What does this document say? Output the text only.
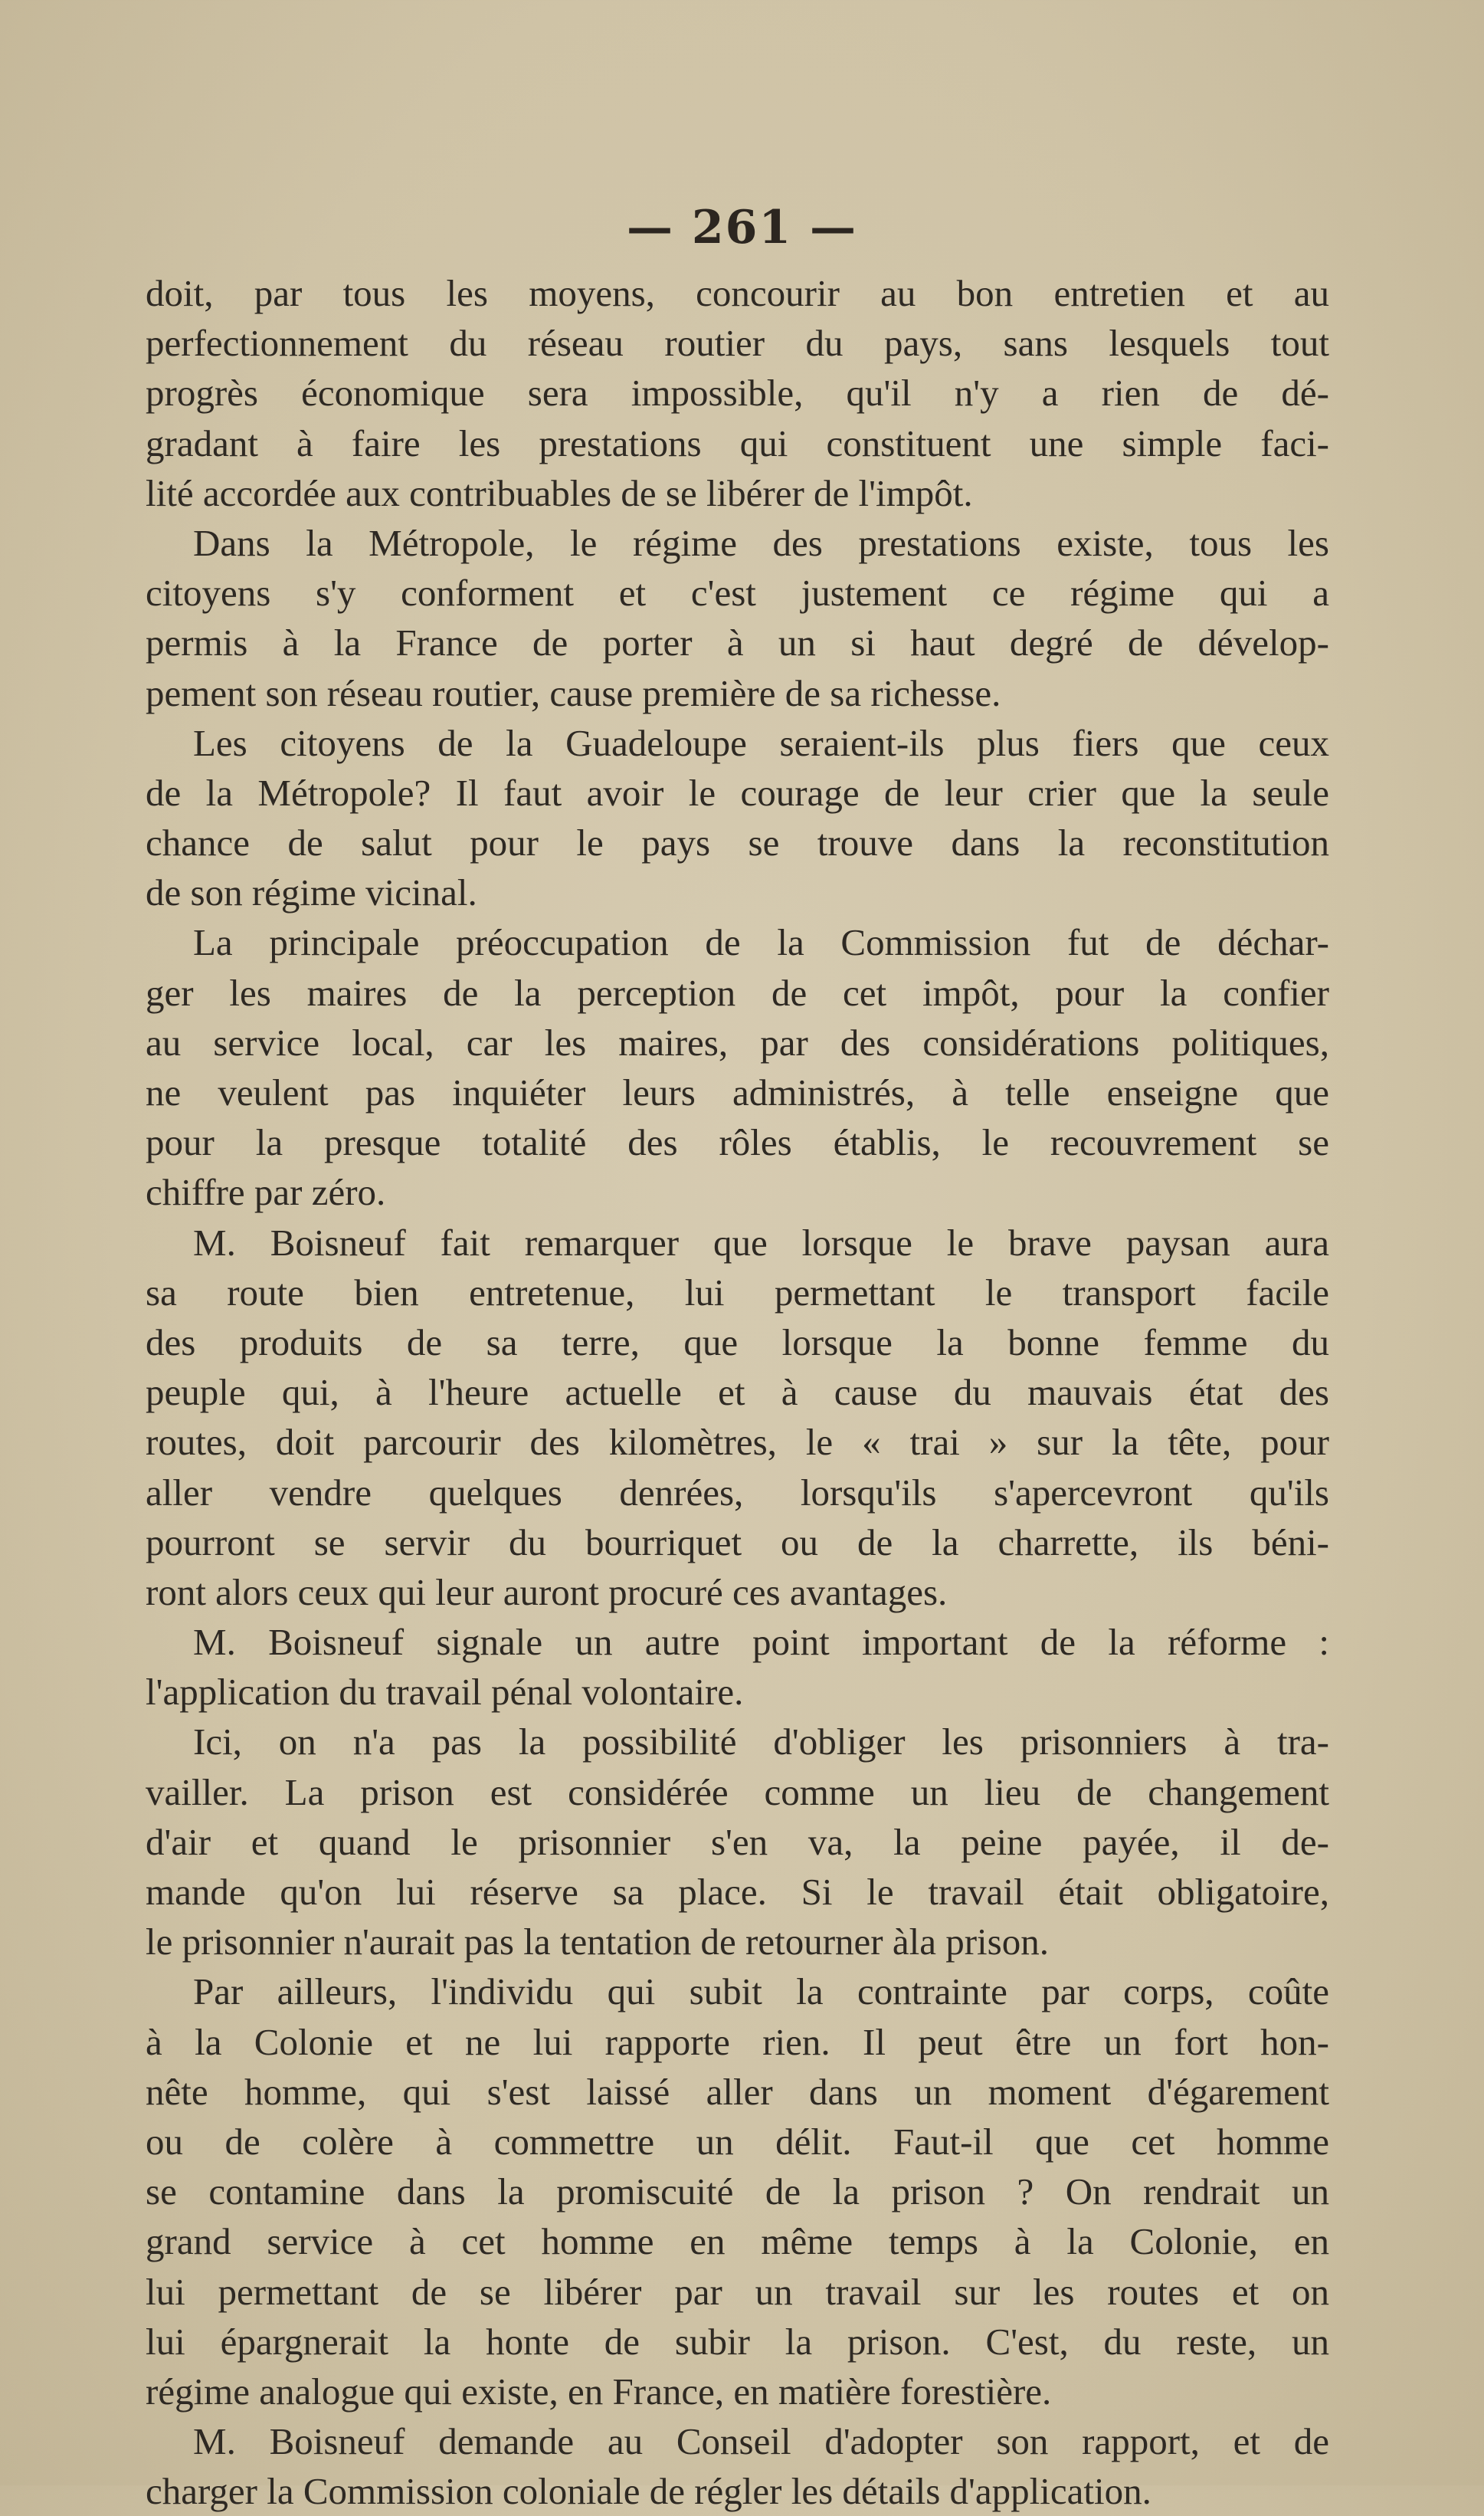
— 261 —
doit, par tous les moyens, concourir au bon entretien et au
perfectionnement du réseau routier du pays, sans lesquels tout
progrès économique sera impossible, qu'il n'y a rien de dé-
gradant à faire les prestations qui constituent une simple faci-
lité accordée aux contribuables de se libérer de l'impôt.
Dans la Métropole, le régime des prestations existe, tous les
citoyens s'y conforment et c'est justement ce régime qui a
permis à la France de porter à un si haut degré de dévelop-
pement son réseau routier, cause première de sa richesse.
Les citoyens de la Guadeloupe seraient-ils plus fiers que ceux
de la Métropole? Il faut avoir le courage de leur crier que la seule
chance de salut pour le pays se trouve dans la reconstitution
de son régime vicinal.
La principale préoccupation de la Commission fut de déchar-
ger les maires de la perception de cet impôt, pour la confier
au service local, car les maires, par des considérations politiques,
ne veulent pas inquiéter leurs administrés, à telle enseigne que
pour la presque totalité des rôles établis, le recouvrement se
chiffre par zéro.
M. Boisneuf fait remarquer que lorsque le brave paysan aura
sa route bien entretenue, lui permettant le transport facile
des produits de sa terre, que lorsque la bonne femme du
peuple qui, à l'heure actuelle et à cause du mauvais état des
routes, doit parcourir des kilomètres, le « trai » sur la tête, pour
aller vendre quelques denrées, lorsqu'ils s'apercevront qu'ils
pourront se servir du bourriquet ou de la charrette, ils béni-
ront alors ceux qui leur auront procuré ces avantages.
M. Boisneuf signale un autre point important de la réforme :
l'application du travail pénal volontaire.
Ici, on n'a pas la possibilité d'obliger les prisonniers à tra-
vailler. La prison est considérée comme un lieu de changement
d'air et quand le prisonnier s'en va, la peine payée, il de-
mande qu'on lui réserve sa place. Si le travail était obligatoire,
le prisonnier n'aurait pas la tentation de retourner àla prison.
Par ailleurs, l'individu qui subit la contrainte par corps, coûte
à la Colonie et ne lui rapporte rien. Il peut être un fort hon-
nête homme, qui s'est laissé aller dans un moment d'égarement
ou de colère à commettre un délit. Faut-il que cet homme
se contamine dans la promiscuité de la prison ? On rendrait un
grand service à cet homme en même temps à la Colonie, en
lui permettant de se libérer par un travail sur les routes et on
lui épargnerait la honte de subir la prison. C'est, du reste, un
régime analogue qui existe, en France, en matière forestière.
M. Boisneuf demande au Conseil d'adopter son rapport, et de
charger la Commission coloniale de régler les détails d'application.
